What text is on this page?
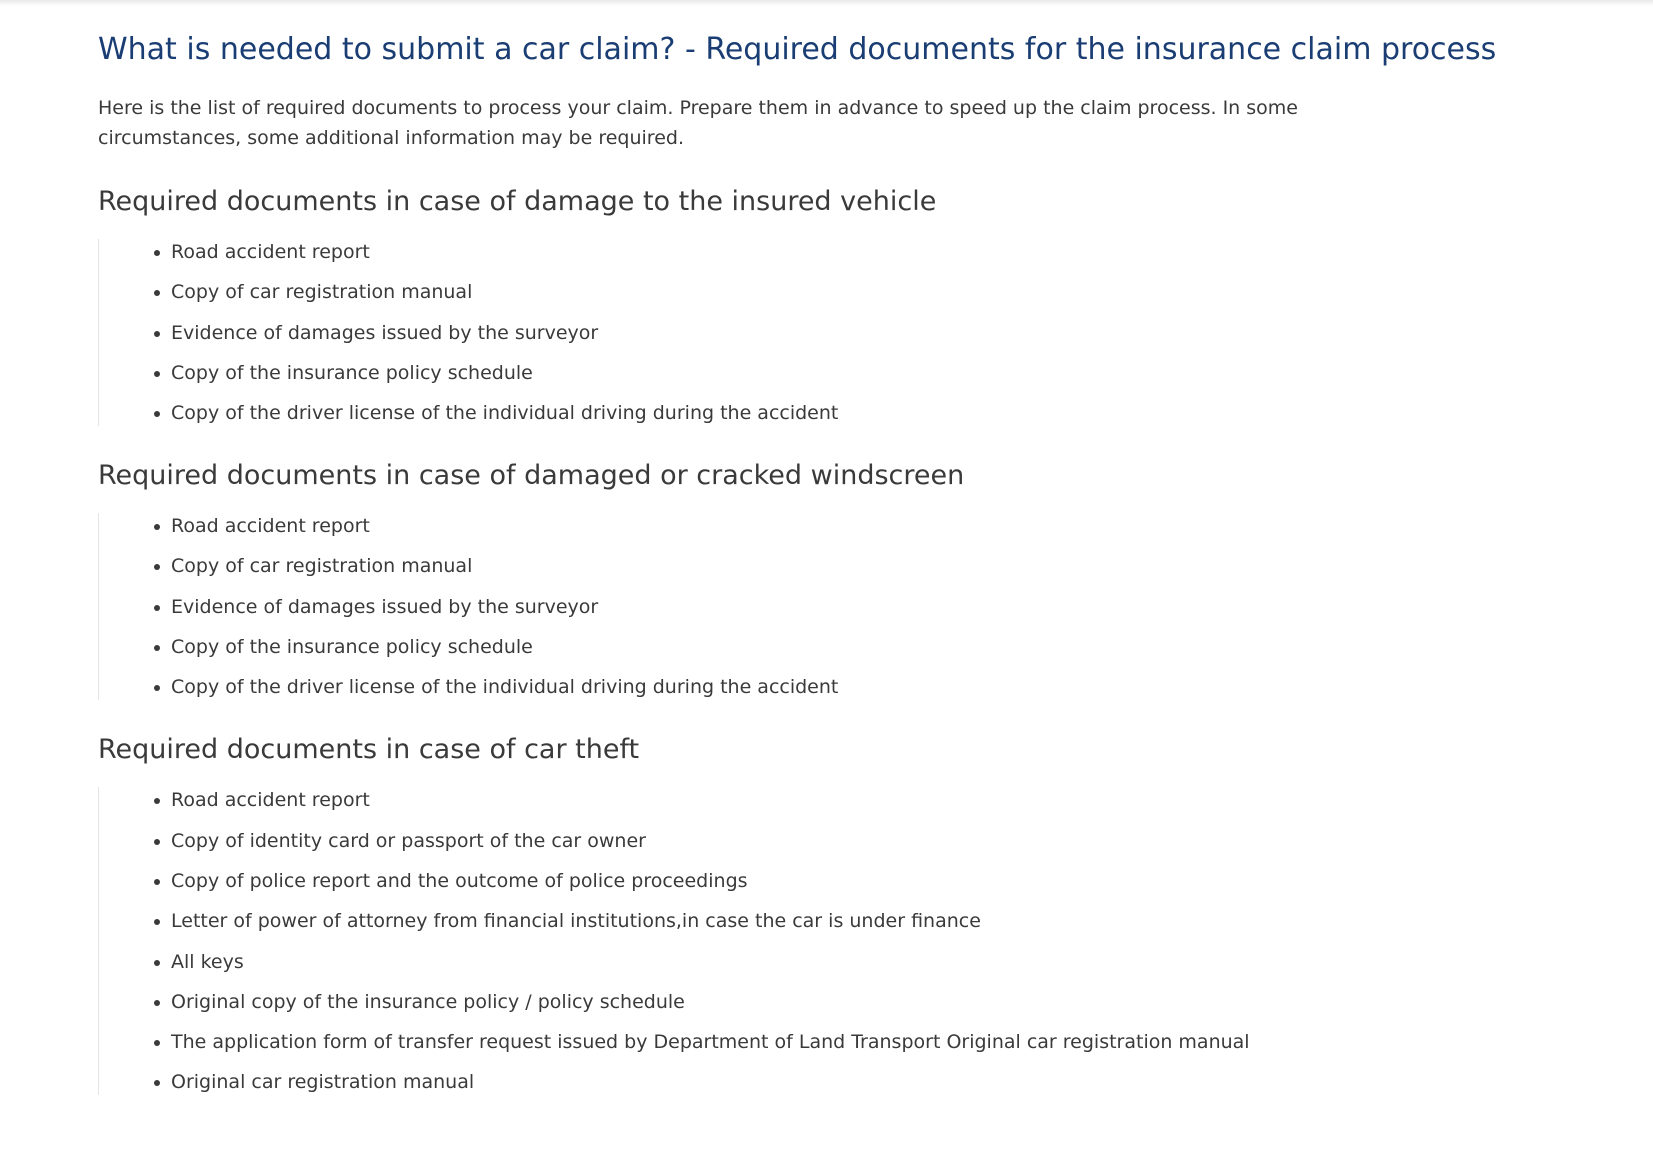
What is needed to submit a car claim? - Required documents for the insurance claim process

Here is the list of required documents to process your claim. Prepare them in advance to speed up the claim process. In some circumstances, some additional information may be required.

Required documents in case of damage to the insured vehicle
Road accident report
Copy of car registration manual
Evidence of damages issued by the surveyor
Copy of the insurance policy schedule
Copy of the driver license of the individual driving during the accident
Required documents in case of damaged or cracked windscreen
Road accident report
Copy of car registration manual
Evidence of damages issued by the surveyor
Copy of the insurance policy schedule
Copy of the driver license of the individual driving during the accident
Required documents in case of car theft
Road accident report
Copy of identity card or passport of the car owner
Copy of police report and the outcome of police proceedings
Letter of power of attorney from financial institutions,in case the car is under finance
All keys
Original copy of the insurance policy / policy schedule
The application form of transfer request issued by Department of Land Transport Original car registration manual
Original car registration manual
